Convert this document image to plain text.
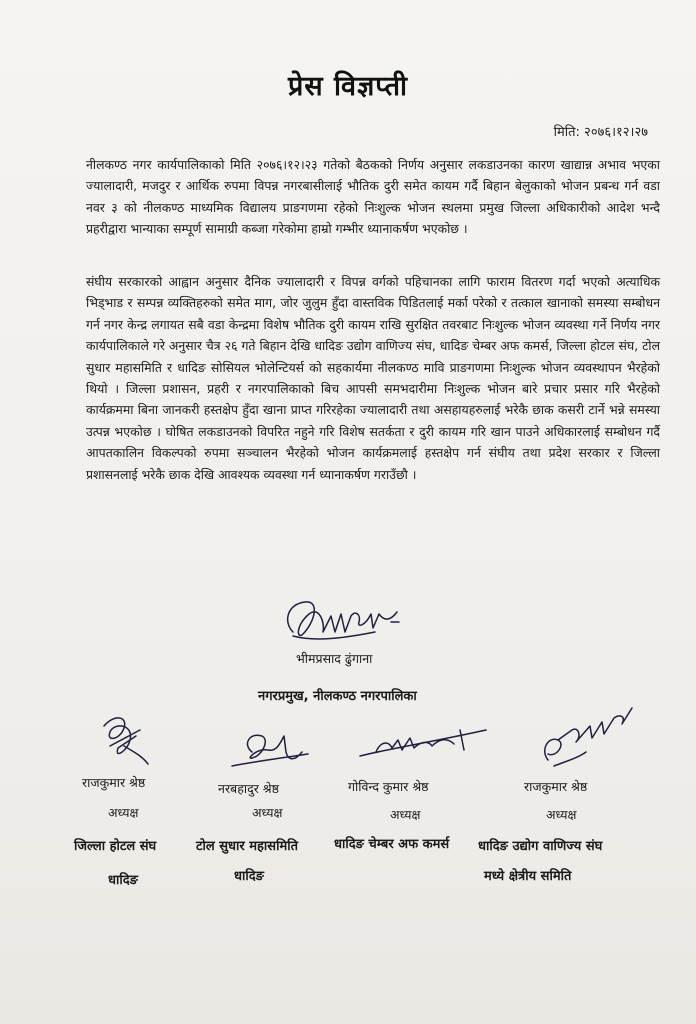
प्रेस विज्ञप्ती
मिति: २०७६।१२।२७
नीलकण्ठ नगर कार्यपालिकाको मिति २०७६।१२।२३ गतेको बैठकको निर्णय अनुसार लकडाउनका कारण खाद्यान्न अभाव भएका ज्यालादारी, मजदुर र आर्थिक रुपमा विपन्न नगरबासीलाई भौतिक दुरी समेत कायम गर्दै बिहान बेलुकाको भोजन प्रबन्ध गर्न वडा नवर ३ को नीलकण्ठ माध्यमिक विद्यालय प्राङगणमा रहेको निःशुल्क भोजन स्थलमा प्रमुख जिल्ला अधिकारीको आदेश भन्दै प्रहरीद्वारा भान्याका सम्पूर्ण सामाग्री कब्जा गरेकोमा हाम्रो गम्भीर ध्यानाकर्षण भएकोछ ।
संघीय सरकारको आह्वान अनुसार दैनिक ज्यालादारी र विपन्न वर्गको पहिचानका लागि फाराम वितरण गर्दा भएको अत्याधिक भिड्भाड र सम्पन्न व्यक्तिहरुको समेत माग, जोर जुलुम हुँदा वास्तविक पिडितलाई मर्का परेको र तत्काल खानाको समस्या सम्बोधन गर्न नगर केन्द्र लगायत सबै वडा केन्द्रमा विशेष भौतिक दुरी कायम राखि सुरक्षित तवरबाट निःशुल्क भोजन व्यवस्था गर्ने निर्णय नगर कार्यपालिकाले गरे अनुसार चैत्र २६ गते बिहान देखि धादिङ उद्योग वाणिज्य संघ, धादिङ चेम्बर अफ कमर्स, जिल्ला होटल संघ, टोल सुधार महासमिति र धादिङ सोसियल भोलेन्टियर्स को सहकार्यमा नीलकण्ठ मावि प्राङगणमा निःशुल्क भोजन व्यवस्थापन भैरहेको थियो । जिल्ला प्रशासन, प्रहरी र नगरपालिकाको बिच आपसी समभदारीमा निःशुल्क भोजन बारे प्रचार प्रसार गरि भैरहेको कार्यक्रममा बिना जानकरी हस्तक्षेप हुँदा खाना प्राप्त गरिरहेका ज्यालादारी तथा असहायहरुलाई भरेकै छाक कसरी टार्ने भन्ने समस्या उत्पन्न भएकोछ । घोषित लकडाउनको विपरित नहुने गरि विशेष सतर्कता र दुरी कायम गरि खान पाउने अधिकारलाई सम्बोधन गर्दै आपतकालिन विकल्पको रुपमा सञ्चालन भैरहेको भोजन कार्यक्रमलाई हस्तक्षेप गर्न संघीय तथा प्रदेश सरकार र जिल्ला प्रशासनलाई भरेकै छाक देखि आवश्यक व्यवस्था गर्न ध्यानाकर्षण गराउँछौ ।
भीमप्रसाद ढुंगाना
नगरप्रमुख, नीलकण्ठ नगरपालिका
राजकुमार श्रेष्ठ
अध्यक्ष
जिल्ला होटल संघ
धादिङ
नरबहादुर श्रेष्ठ
अध्यक्ष
टोल सुधार महासमिति
धादिङ
गोविन्द कुमार श्रेष्ठ
अध्यक्ष
धादिङ चेम्बर अफ कमर्स
राजकुमार श्रेष्ठ
अध्यक्ष
धादिङ उद्योग वाणिज्य संघ
मध्ये क्षेत्रीय समिति
